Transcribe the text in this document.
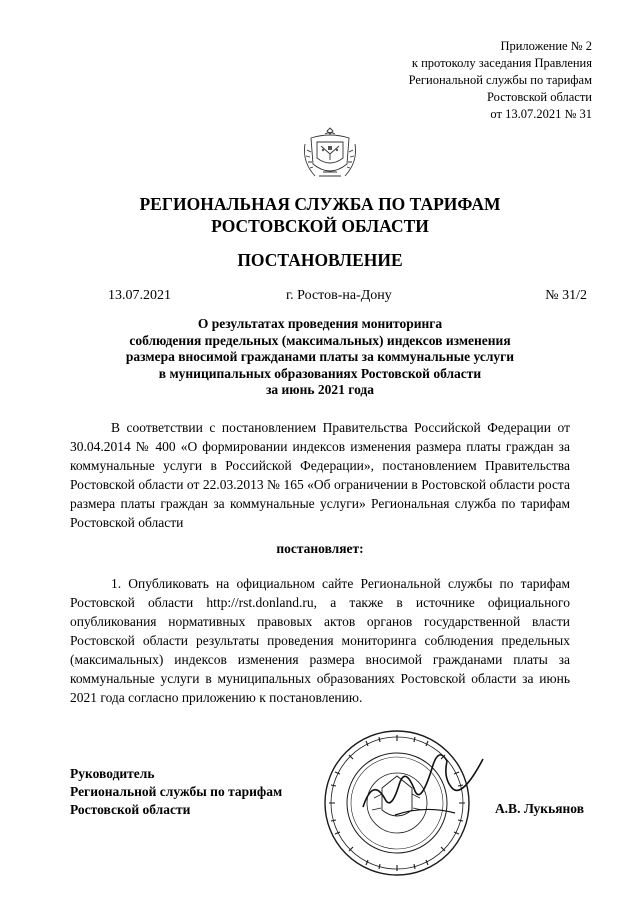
Приложение № 2
к протоколу заседания Правления
Региональной службы по тарифам
Ростовской области
от 13.07.2021 № 31
РЕГИОНАЛЬНАЯ СЛУЖБА ПО ТАРИФАМ
РОСТОВСКОЙ ОБЛАСТИ
ПОСТАНОВЛЕНИЕ
13.07.2021	г. Ростов-на-Дону	№ 31/2
О результатах проведения мониторинга
соблюдения предельных (максимальных) индексов изменения
размера вносимой гражданами платы за коммунальные услуги
в муниципальных образованиях Ростовской области
за июнь 2021 года
В соответствии с постановлением Правительства Российской Федерации от 30.04.2014 № 400 «О формировании индексов изменения размера платы граждан за коммунальные услуги в Российской Федерации», постановлением Правительства Ростовской области от 22.03.2013 № 165 «Об ограничении в Ростовской области роста размера платы граждан за коммунальные услуги» Региональная служба по тарифам Ростовской области
постановляет:
1. Опубликовать на официальном сайте Региональной службы по тарифам Ростовской области http://rst.donland.ru, а также в источнике официального опубликования нормативных правовых актов органов государственной власти Ростовской области результаты проведения мониторинга соблюдения предельных (максимальных) индексов изменения размера вносимой гражданами платы за коммунальные услуги в муниципальных образованиях Ростовской области за июнь 2021 года согласно приложению к постановлению.
Руководитель
Региональной службы по тарифам
Ростовской области	А.В. Лукьянов
